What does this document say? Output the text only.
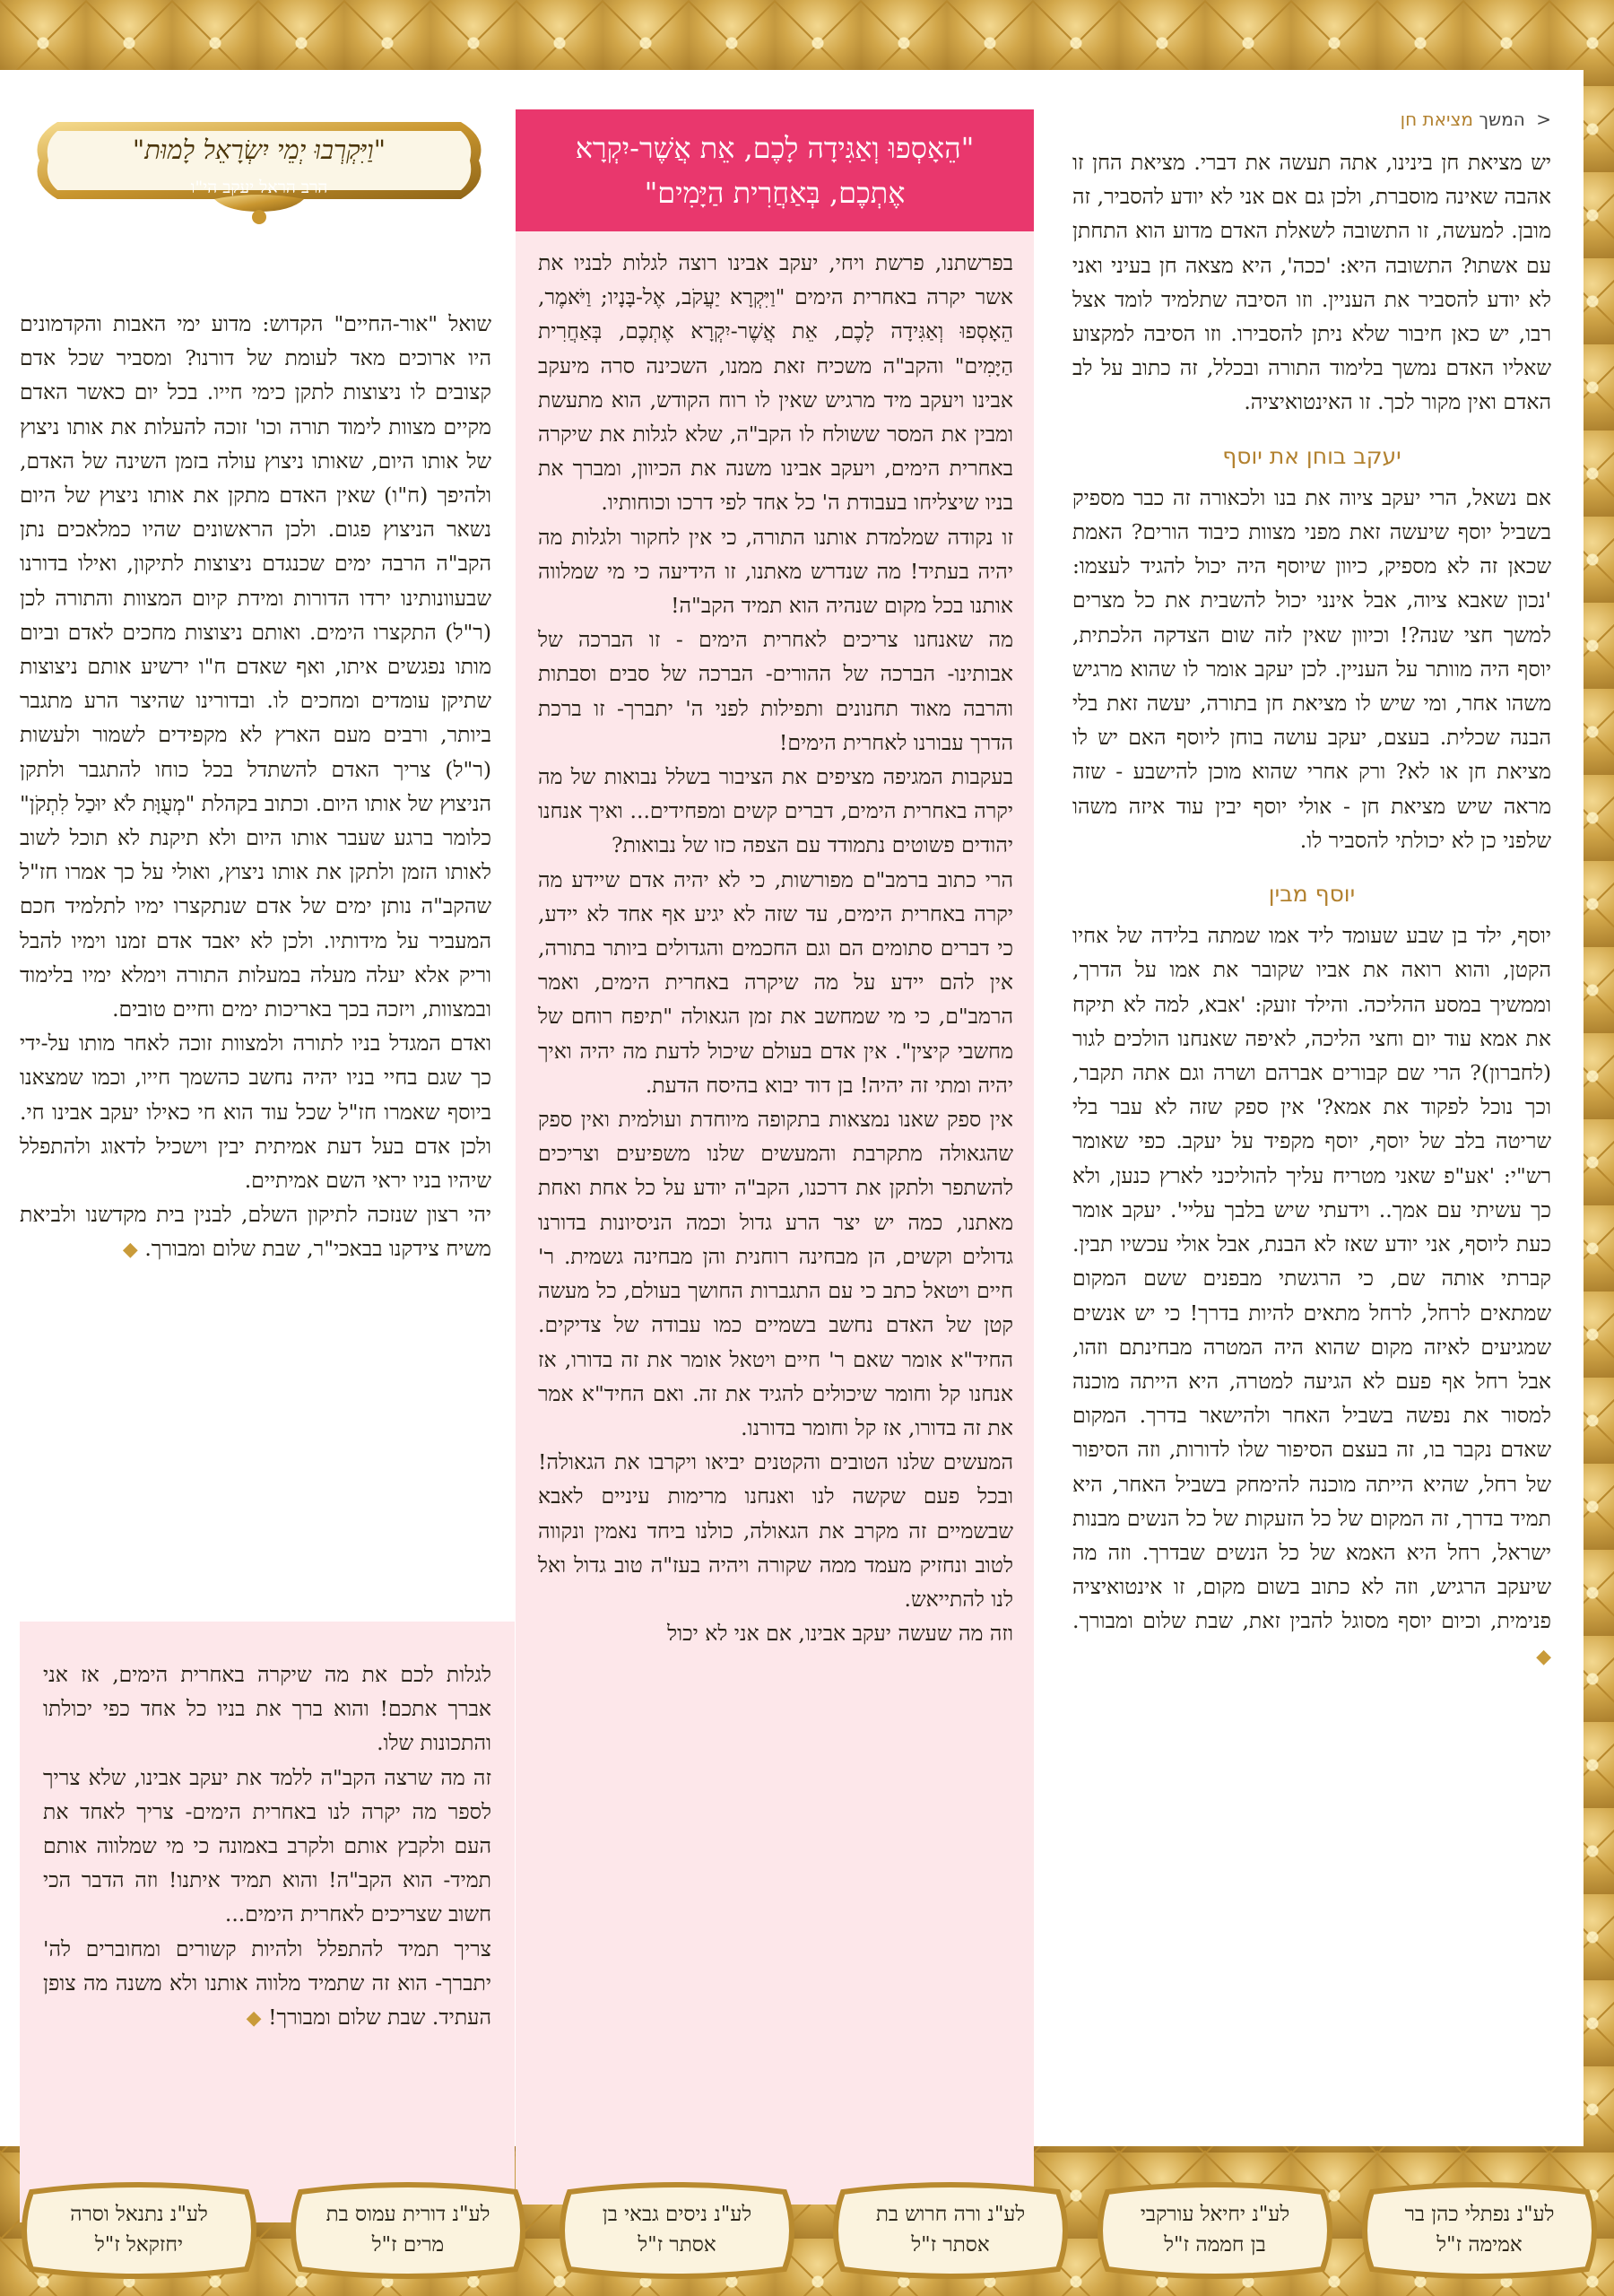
< המשך מציאת חן

יש מציאת חן בינינו, אתה תעשה את דברי. מציאת החן זו אהבה שאינה מוסברת, ולכן גם אם אני לא יודע להסביר, זה מובן. למעשה, זו התשובה לשאלת האדם מדוע הוא התחתן עם אשתו? התשובה היא: 'ככה', היא מצאה חן בעיני ואני לא יודע להסביר את העניין. וזו הסיבה שתלמיד לומד אצל רבו, יש כאן חיבור שלא ניתן להסבירו. וזו הסיבה למקצוע שאליו האדם נמשך בלימוד התורה ובכלל, זה כתוב על לב האדם ואין מקור לכך. זו האינטואיציה.

יעקב בוחן את יוסף

אם נשאל, הרי יעקב ציוה את בנו ולכאורה זה כבר מספיק בשביל יוסף שיעשה זאת מפני מצוות כיבוד הורים? האמת שכאן זה לא מספיק, כיוון שיוסף היה יכול להגיד לעצמו: 'נכון שאבא ציוה, אבל אינני יכול להשבית את כל מצרים למשך חצי שנה?! וכיוון שאין לזה שום הצדקה הלכתית, יוסף היה מוותר על העניין. לכן יעקב אומר לו שהוא מרגיש משהו אחר, ומי שיש לו מציאת חן בתורה, יעשה זאת בלי הבנה שכלית. בעצם, יעקב עושה בוחן ליוסף האם יש לו מציאת חן או לא? ורק אחרי שהוא מוכן להישבע - שזה מראה שיש מציאת חן - אולי יוסף יבין עוד איזה משהו שלפני כן לא יכולתי להסביר לו.

יוסף מבין

יוסף, ילד בן שבע שעומד ליד אמו שמתה בלידה של אחיו הקטן, והוא רואה את אביו שקובר את אמו על הדרך, וממשיך במסע ההליכה. והילד זועק: 'אבא, למה לא תיקח את אמא עוד יום וחצי הליכה, לאיפה שאנחנו הולכים לגור (לחברון)? הרי שם קבורים אברהם ושרה וגם אתה תקבר, וכך נוכל לפקוד את אמא?' אין ספק שזה לא עבר בלי שריטה בלב של יוסף, יוסף מקפיד על יעקב. כפי שאומר רש"י: 'אע"פ שאני מטריח עליך להוליכני לארץ כנען, ולא כך עשיתי עם אמך.. וידעתי שיש בלבך עליי'. יעקב אומר כעת ליוסף, אני יודע שאז לא הבנת, אבל אולי עכשיו תבין. קברתי אותה שם, כי הרגשתי מבפנים ששם המקום שמתאים לרחל, לרחל מתאים להיות בדרך! כי יש אנשים שמגיעים לאיזה מקום שהוא היה המטרה מבחינתם וזהו, אבל רחל אף פעם לא הגיעה למטרה, היא הייתה מוכנה למסור את נפשה בשביל האחר ולהישאר בדרך. המקום שאדם נקבר בו, זה בעצם הסיפור שלו לדורות, וזה הסיפור של רחל, שהיא הייתה מוכנה להימחק בשביל האחר, היא תמיד בדרך, זה המקום של כל הזעקות של כל הנשים מבנות ישראל, רחל היא האמא של כל הנשים שבדרך. וזה מה שיעקב הרגיש, וזה לא כתוב בשום מקום, זו אינטואיציה פנימית, וכיום יוסף מסוגל להבין זאת, שבת שלום ומבורך. ◆

"הֵאָסְפוּ וְאַגִּידָה לָכֶם, אֵת אֲשֶׁר-יִקְרָא
אֶתְכֶם, בְּאַחֲרִית הַיָּמִים"

בפרשתנו, פרשת ויחי, יעקב אבינו רוצה לגלות לבניו את אשר יקרה באחרית הימים "וַיִּקְרָא יַעֲקֹב, אֶל-בָּנָיו; וַיֹּאמֶר, הֵאָסְפוּ וְאַגִּידָה לָכֶם, אֵת אֲשֶׁר-יִקְרָא אֶתְכֶם, בְּאַחֲרִית הַיָּמִים" והקב"ה משכיח זאת ממנו, השכינה סרה מיעקב אבינו ויעקב מיד מרגיש שאין לו רוח הקודש, הוא מתעשת ומבין את המסר ששולח לו הקב"ה, שלא לגלות את שיקרה באחרית הימים, ויעקב אבינו משנה את הכיוון, ומברך את בניו שיצליחו בעבודת ה' כל אחד לפי דרכו וכוחותיו.

זו נקודה שמלמדת אותנו התורה, כי אין לחקור ולגלות מה יהיה בעתיד! מה שנדרש מאתנו, זו הידיעה כי מי שמלווה אותנו בכל מקום שנהיה הוא תמיד הקב"ה!

מה שאנחנו צריכים לאחרית הימים - זו הברכה של אבותינו- הברכה של ההורים- הברכה של סבים וסבתות והרבה מאוד תחנונים ותפילות לפני ה' יתברך- זו ברכת הדרך עבורנו לאחרית הימים!

בעקבות המגיפה מציפים את הציבור בשלל נבואות של מה יקרה באחרית הימים, דברים קשים ומפחידים... ואיך אנחנו יהודים פשוטים נתמודד עם הצפה כזו של נבואות?

הרי כתוב ברמב"ם מפורשות, כי לא יהיה אדם שיידע מה יקרה באחרית הימים, עד שזה לא יגיע אף אחד לא יידע, כי דברים סתומים הם וגם החכמים והגדולים ביותר בתורה, אין להם יידע על מה שיקרה באחרית הימים, ואמר הרמב"ם, כי מי שמחשב את זמן הגאולה "תיפח רוחם של מחשבי קיצין". אין אדם בעולם שיכול לדעת מה יהיה ואיך יהיה ומתי זה יהיה! בן דוד יבוא בהיסח הדעת.

אין ספק שאנו נמצאות בתקופה מיוחדת ועולמית ואין ספק שהגאולה מתקרבת והמעשים שלנו משפיעים וצריכים להשתפר ולתקן את דרכנו, הקב"ה יודע על כל אחת ואחת מאתנו, כמה יש יצר הרע גדול וכמה הניסיונות בדורנו גדולים וקשים, הן מבחינה רוחנית והן מבחינה גשמית. ר' חיים ויטאל כתב כי עם התגברות החושך בעולם, כל מעשה קטן של האדם נחשב בשמיים כמו עבודה של צדיקים. החיד"א אומר שאם ר' חיים ויטאל אומר את זה בדורו, אז אנחנו קל וחומר שיכולים להגיד את זה. ואם החיד"א אמר את זה בדורו, אז קל וחומר בדורנו.

המעשים שלנו הטובים והקטנים יביאו ויקרבו את הגאולה! ובכל פעם שקשה לנו ואנחנו מרימות עיניים לאבא שבשמיים זה מקרב את הגאולה, כולנו ביחד נאמין ונקווה לטוב ונחזיק מעמד ממה שקורה ויהיה בעז"ה טוב גדול ואל לנו להתייאש.

וזה מה שעשה יעקב אבינו, אם אני לא יכול

"וַיִּקְרְבוּ יְמֵי יִשְׂרָאֵל לָמוּת"
הרב הראל יעקב הי"ו

שואל "אור-החיים" הקדוש: מדוע ימי האבות והקדמונים היו ארוכים מאד לעומת של דורנו? ומסביר שכל אדם קצובים לו ניצוצות לתקן כימי חייו. בכל יום כאשר האדם מקיים מצוות לימוד תורה וכו' זוכה להעלות את אותו ניצוץ של אותו היום, שאותו ניצוץ עולה בזמן השינה של האדם, ולהיפך (ח"ו) שאין האדם מתקן את אותו ניצוץ של היום נשאר הניצוץ פגום. ולכן הראשונים שהיו כמלאכים נתן הקב"ה הרבה ימים שכנגדם ניצוצות לתיקון, ואילו בדורנו שבעוונותינו ירדו הדורות ומידת קיום המצוות והתורה לכן (ר"ל) התקצרו הימים. ואותם ניצוצות מחכים לאדם וביום מותו נפגשים איתו, ואף שאדם ח"ו ירשיע אותם ניצוצות שתיקן עומדים ומחכים לו. ובדורינו שהיצר הרע מתגבר ביותר, ורבים מעם הארץ לא מקפידים לשמור ולעשות (ר"ל) צריך האדם להשתדל בכל כוחו להתגבר ולתקן הניצוץ של אותו היום. וכתוב בקהלת "מְעֻוָּת לֹא יוּכַל לִתְקֹן" כלומר ברגע שעבר אותו היום ולא תיקנת לא תוכל לשוב לאותו הזמן ולתקן את אותו ניצוץ, ואולי על כך אמרו חז"ל שהקב"ה נותן ימים של אדם שנתקצרו ימיו לתלמיד חכם המעביר על מידותיו. ולכן לא יאבד אדם זמנו וימיו להבל וריק אלא יעלה מעלה במעלות התורה וימלא ימיו בלימוד ובמצוות, ויזכה בכך באריכות ימים וחיים טובים.

ואדם המגדל בניו לתורה ולמצוות זוכה לאחר מותו על-ידי כך שגם בחיי בניו יהיה נחשב כהשמך חייו, וכמו שמצאנו ביוסף שאמרו חז"ל שכל עוד הוא חי כאילו יעקב אבינו חי. ולכן אדם בעל דעת אמיתית יבין וישכיל לדאוג ולהתפלל שיהיו בניו יראי השם אמיתיים.

יהי רצון שנזכה לתיקון השלם, לבנין בית מקדשנו ולביאת משיח צידקנו בבאכי"ר, שבת שלום ומבורך. ◆

לגלות לכם את מה שיקרה באחרית הימים, אז אני אברך אתכם! והוא ברך את בניו כל אחד כפי יכולתו והתכונות שלו.

זה מה שרצה הקב"ה ללמד את יעקב אבינו, שלא צריך לספר מה יקרה לנו באחרית הימים- צריך לאחד את העם ולקבץ אותם ולקרב באמונה כי מי שמלווה אותם תמיד- הוא הקב"ה! והוא תמיד איתנו! וזה הדבר הכי חשוב שצריכים לאחרית הימים...

צריך תמיד להתפלל ולהיות קשורים ומחוברים לה' יתברך- הוא זה שתמיד מלווה אותנו ולא משנה מה צופן העתיד. שבת שלום ומבורך! ◆

לע"נ נפתלי כהן בר
אמימה ז"ל
לע"נ יחיאל עורקבי
בן חממה ז"ל
לע"נ ורה חרוש בת
אסתר ז"ל
לע"נ ניסים גבאי בן
אסתר ז"ל
לע"נ דורית עמוס בת
מרים ז"ל
לע"נ נתנאל וסרה
יחזקאל ז"ל
